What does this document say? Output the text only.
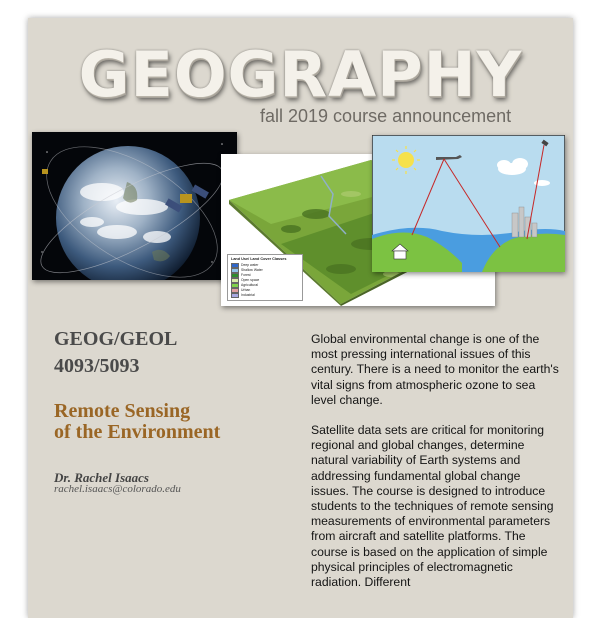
GEOGRAPHY
fall 2019 course announcement
Land Use/ Land Cover Classes
Deep water
Shallow Water
Forest
Open space
Agricultural
Urban
Industrial
GEOG/GEOL
4093/5093
Remote Sensing
of the Environment
Dr. Rachel Isaacs
rachel.isaacs@colorado.edu

Global environmental change is one of the most pressing international issues of this century. There is a need to monitor the earth's vital signs from atmospheric ozone to sea level change.

Satellite data sets are critical for monitoring regional and global changes, determine natural variability of Earth systems and addressing fundamental global change issues. The course is designed to introduce students to the techniques of remote sensing measurements of environmental parameters from aircraft and satellite platforms. The course is based on the application of simple physical principles of electromagnetic radiation. Different
